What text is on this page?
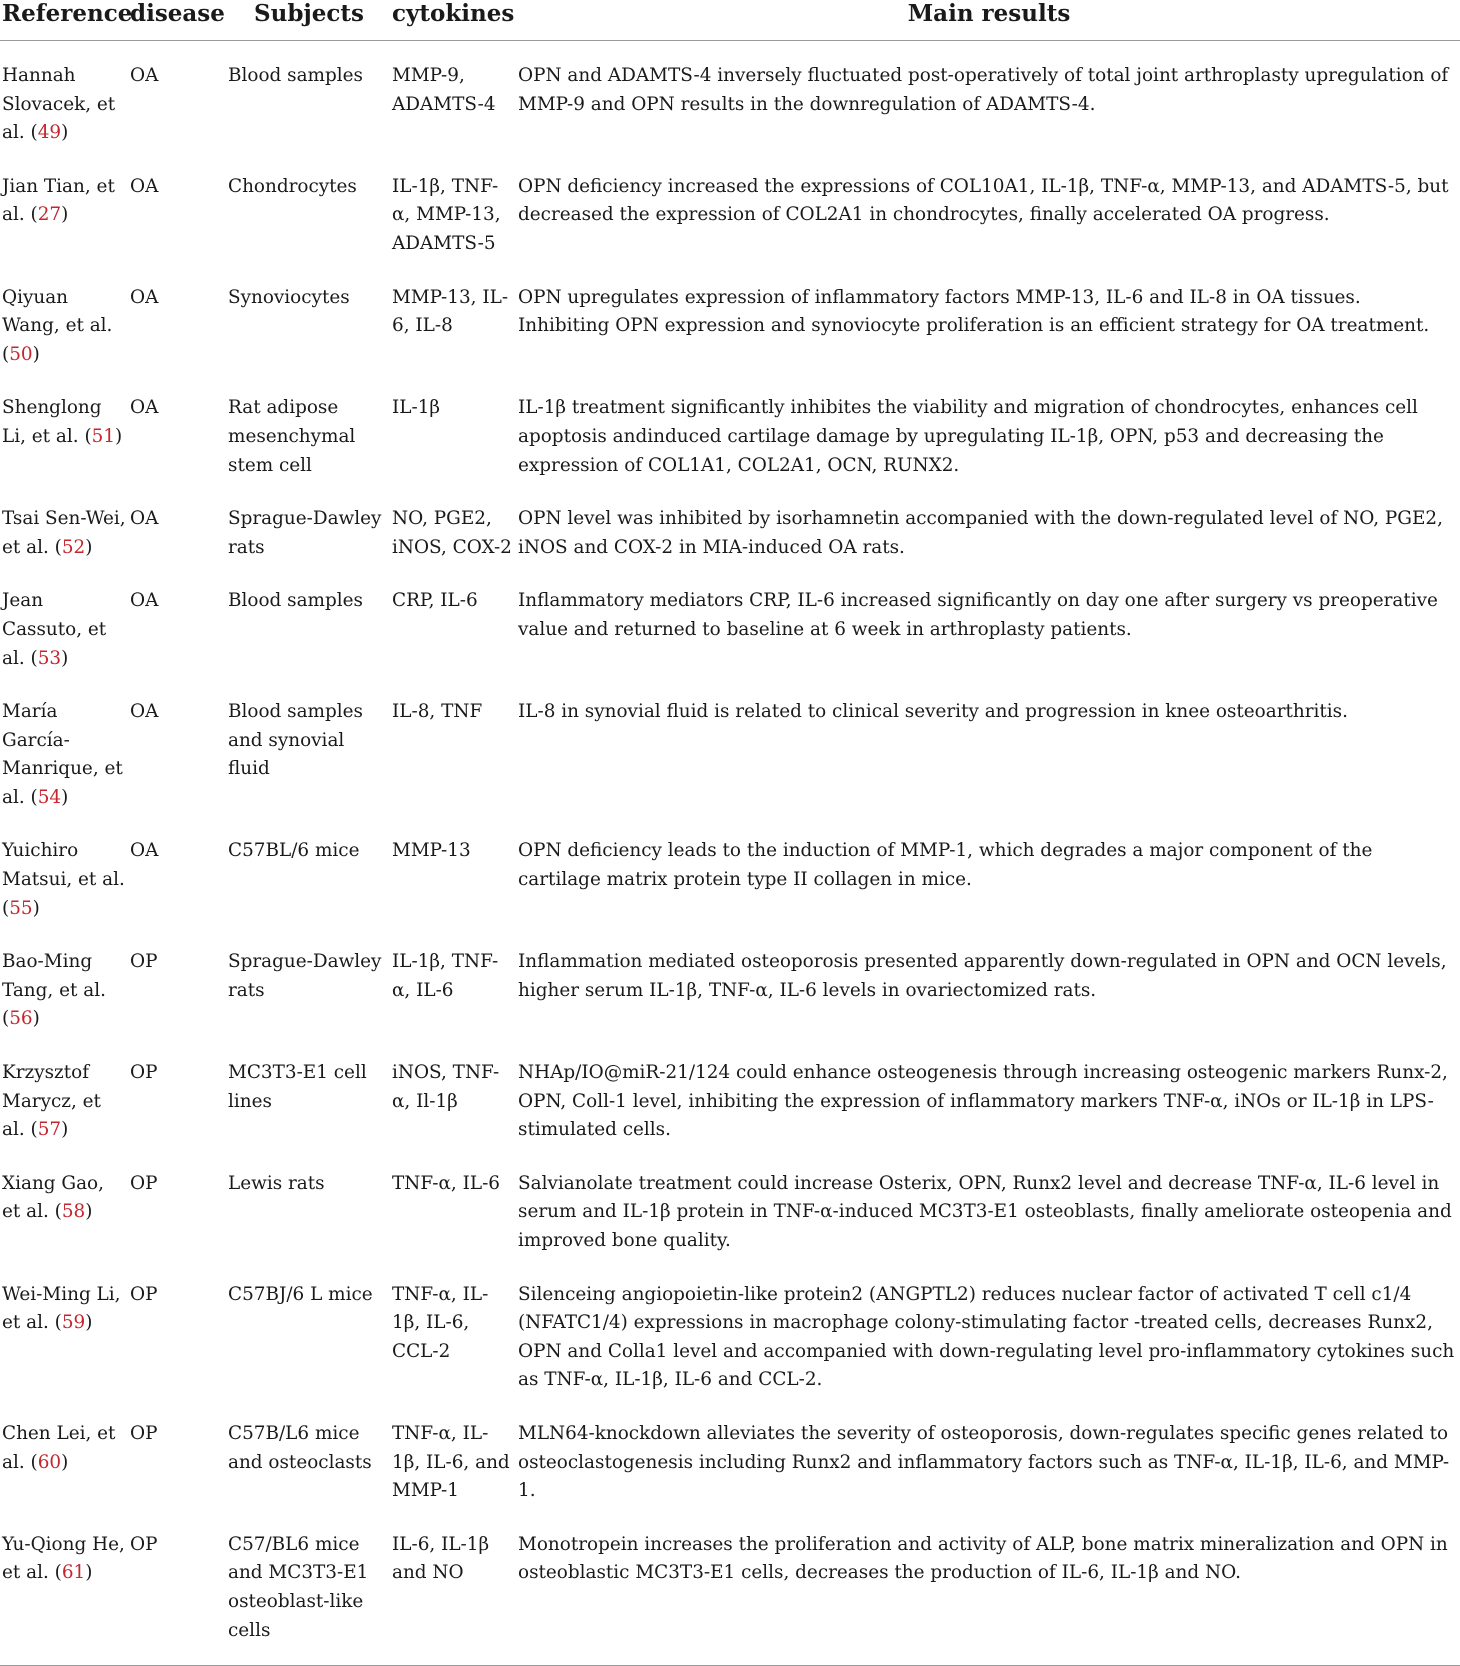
Reference	disease	Subjects	cytokines	Main results
Hannah Slovacek, et al. (49)	OA	Blood samples	MMP-9, ADAMTS-4	OPN and ADAMTS-4 inversely fluctuated post-operatively of total joint arthroplasty upregulation of MMP-9 and OPN results in the downregulation of ADAMTS-4.
Jian Tian, et al. (27)	OA	Chondrocytes	IL-1β, TNF-α, MMP-13, ADAMTS-5	OPN deficiency increased the expressions of COL10A1, IL-1β, TNF-α, MMP-13, and ADAMTS-5, but decreased the expression of COL2A1 in chondrocytes, finally accelerated OA progress.
Qiyuan Wang, et al. (50)	OA	Synoviocytes	MMP-13, IL-6, IL-8	OPN upregulates expression of inflammatory factors MMP-13, IL-6 and IL-8 in OA tissues. Inhibiting OPN expression and synoviocyte proliferation is an efficient strategy for OA treatment.
Shenglong Li, et al. (51)	OA	Rat adipose mesenchymal stem cell	IL-1β	IL-1β treatment significantly inhibites the viability and migration of chondrocytes, enhances cell apoptosis andinduced cartilage damage by upregulating IL-1β, OPN, p53 and decreasing the expression of COL1A1, COL2A1, OCN, RUNX2.
Tsai Sen-Wei, et al. (52)	OA	Sprague-Dawley rats	NO, PGE2, iNOS, COX-2	OPN level was inhibited by isorhamnetin accompanied with the down-regulated level of NO, PGE2, iNOS and COX-2 in MIA-induced OA rats.
Jean Cassuto, et al. (53)	OA	Blood samples	CRP, IL-6	Inflammatory mediators CRP, IL-6 increased significantly on day one after surgery vs preoperative value and returned to baseline at 6 week in arthroplasty patients.
María García-Manrique, et al. (54)	OA	Blood samples and synovial fluid	IL-8, TNF	IL-8 in synovial fluid is related to clinical severity and progression in knee osteoarthritis.
Yuichiro Matsui, et al. (55)	OA	C57BL/6 mice	MMP-13	OPN deficiency leads to the induction of MMP-1, which degrades a major component of the cartilage matrix protein type II collagen in mice.
Bao-Ming Tang, et al. (56)	OP	Sprague-Dawley rats	IL-1β, TNF-α, IL-6	Inflammation mediated osteoporosis presented apparently down-regulated in OPN and OCN levels, higher serum IL-1β, TNF-α, IL-6 levels in ovariectomized rats.
Krzysztof Marycz, et al. (57)	OP	MC3T3-E1 cell lines	iNOS, TNF-α, Il-1β	NHAp/IO@miR-21/124 could enhance osteogenesis through increasing osteogenic markers Runx-2, OPN, Coll-1 level, inhibiting the expression of inflammatory markers TNF-α, iNOs or IL-1β in LPS-stimulated cells.
Xiang Gao, et al. (58)	OP	Lewis rats	TNF-α, IL-6	Salvianolate treatment could increase Osterix, OPN, Runx2 level and decrease TNF-α, IL-6 level in serum and IL-1β protein in TNF-α-induced MC3T3-E1 osteoblasts, finally ameliorate osteopenia and improved bone quality.
Wei-Ming Li, et al. (59)	OP	C57BJ/6 L mice	TNF-α, IL-1β, IL-6, CCL-2	Silenceing angiopoietin-like protein2 (ANGPTL2) reduces nuclear factor of activated T cell c1/4 (NFATC1/4) expressions in macrophage colony-stimulating factor -treated cells, decreases Runx2, OPN and Colla1 level and accompanied with down-regulating level pro-inflammatory cytokines such as TNF-α, IL-1β, IL-6 and CCL-2.
Chen Lei, et al. (60)	OP	C57B/L6 mice and osteoclasts	TNF-α, IL-1β, IL-6, and MMP-1	MLN64-knockdown alleviates the severity of osteoporosis, down-regulates specific genes related to osteoclastogenesis including Runx2 and inflammatory factors such as TNF-α, IL-1β, IL-6, and MMP-1.
Yu-Qiong He, et al. (61)	OP	C57/BL6 mice and MC3T3-E1 osteoblast-like cells	IL-6, IL-1β and NO	Monotropein increases the proliferation and activity of ALP, bone matrix mineralization and OPN in osteoblastic MC3T3-E1 cells, decreases the production of IL-6, IL-1β and NO.
